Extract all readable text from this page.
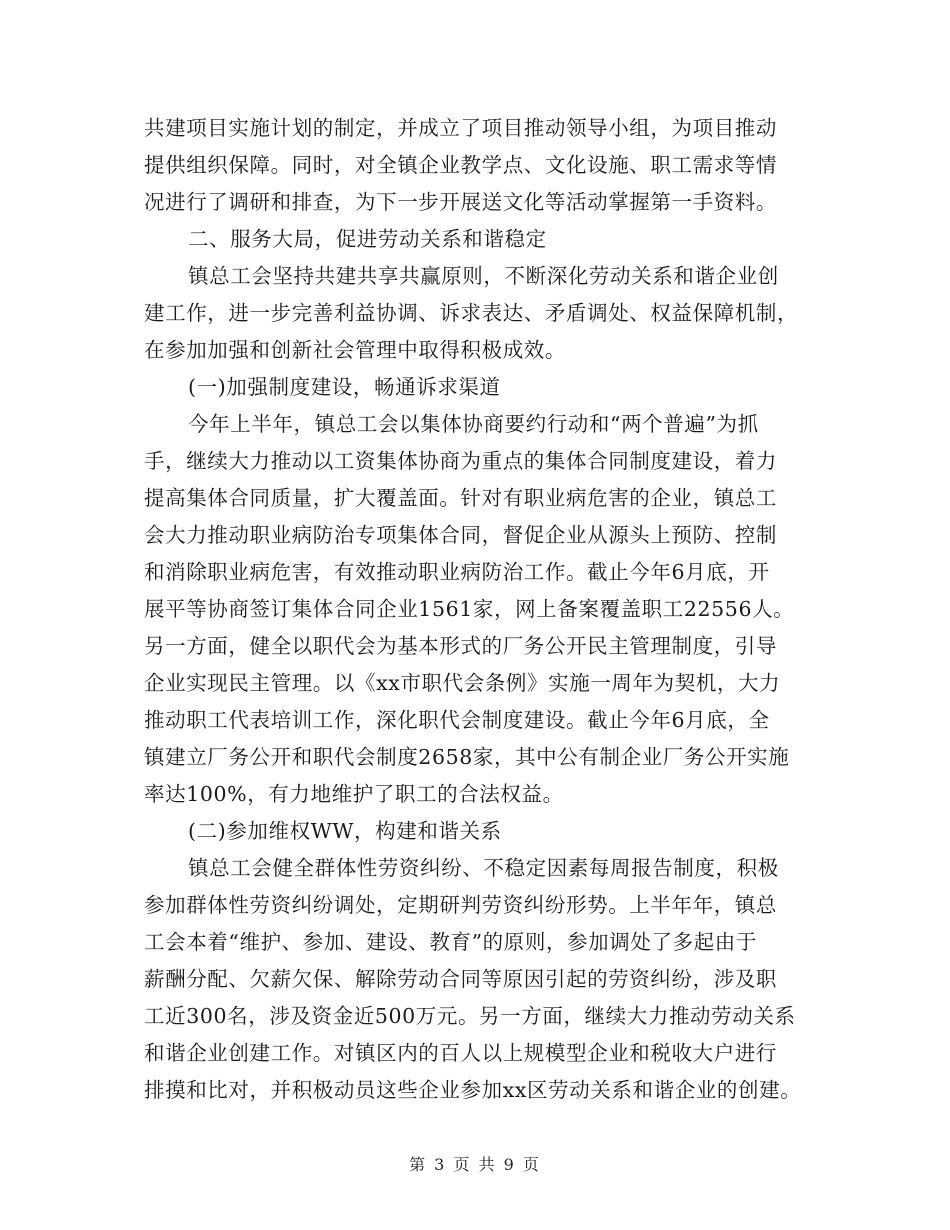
共建项目实施计划的制定，并成立了项目推动领导小组，为项目推动
提供组织保障。同时，对全镇企业教学点、文化设施、职工需求等情
况进行了调研和排查，为下一步开展送文化等活动掌握第一手资料。
二、服务大局，促进劳动关系和谐稳定
镇总工会坚持共建共享共赢原则，不断深化劳动关系和谐企业创
建工作，进一步完善利益协调、诉求表达、矛盾调处、权益保障机制，
在参加加强和创新社会管理中取得积极成效。
(一)加强制度建设，畅通诉求渠道
今年上半年，镇总工会以集体协商要约行动和“两个普遍”为抓
手，继续大力推动以工资集体协商为重点的集体合同制度建设，着力
提高集体合同质量，扩大覆盖面。针对有职业病危害的企业，镇总工
会大力推动职业病防治专项集体合同，督促企业从源头上预防、控制
和消除职业病危害，有效推动职业病防治工作。截止今年6月底，开
展平等协商签订集体合同企业1561家，网上备案覆盖职工22556人。
另一方面，健全以职代会为基本形式的厂务公开民主管理制度，引导
企业实现民主管理。以《xx市职代会条例》实施一周年为契机，大力
推动职工代表培训工作，深化职代会制度建设。截止今年6月底，全
镇建立厂务公开和职代会制度2658家，其中公有制企业厂务公开实施
率达100%，有力地维护了职工的合法权益。
(二)参加维权WW，构建和谐关系
镇总工会健全群体性劳资纠纷、不稳定因素每周报告制度，积极
参加群体性劳资纠纷调处，定期研判劳资纠纷形势。上半年年，镇总
工会本着“维护、参加、建设、教育”的原则，参加调处了多起由于
薪酬分配、欠薪欠保、解除劳动合同等原因引起的劳资纠纷，涉及职
工近300名，涉及资金近500万元。另一方面，继续大力推动劳动关系
和谐企业创建工作。对镇区内的百人以上规模型企业和税收大户进行
排摸和比对，并积极动员这些企业参加xx区劳动关系和谐企业的创建。
第 3 页 共 9 页
